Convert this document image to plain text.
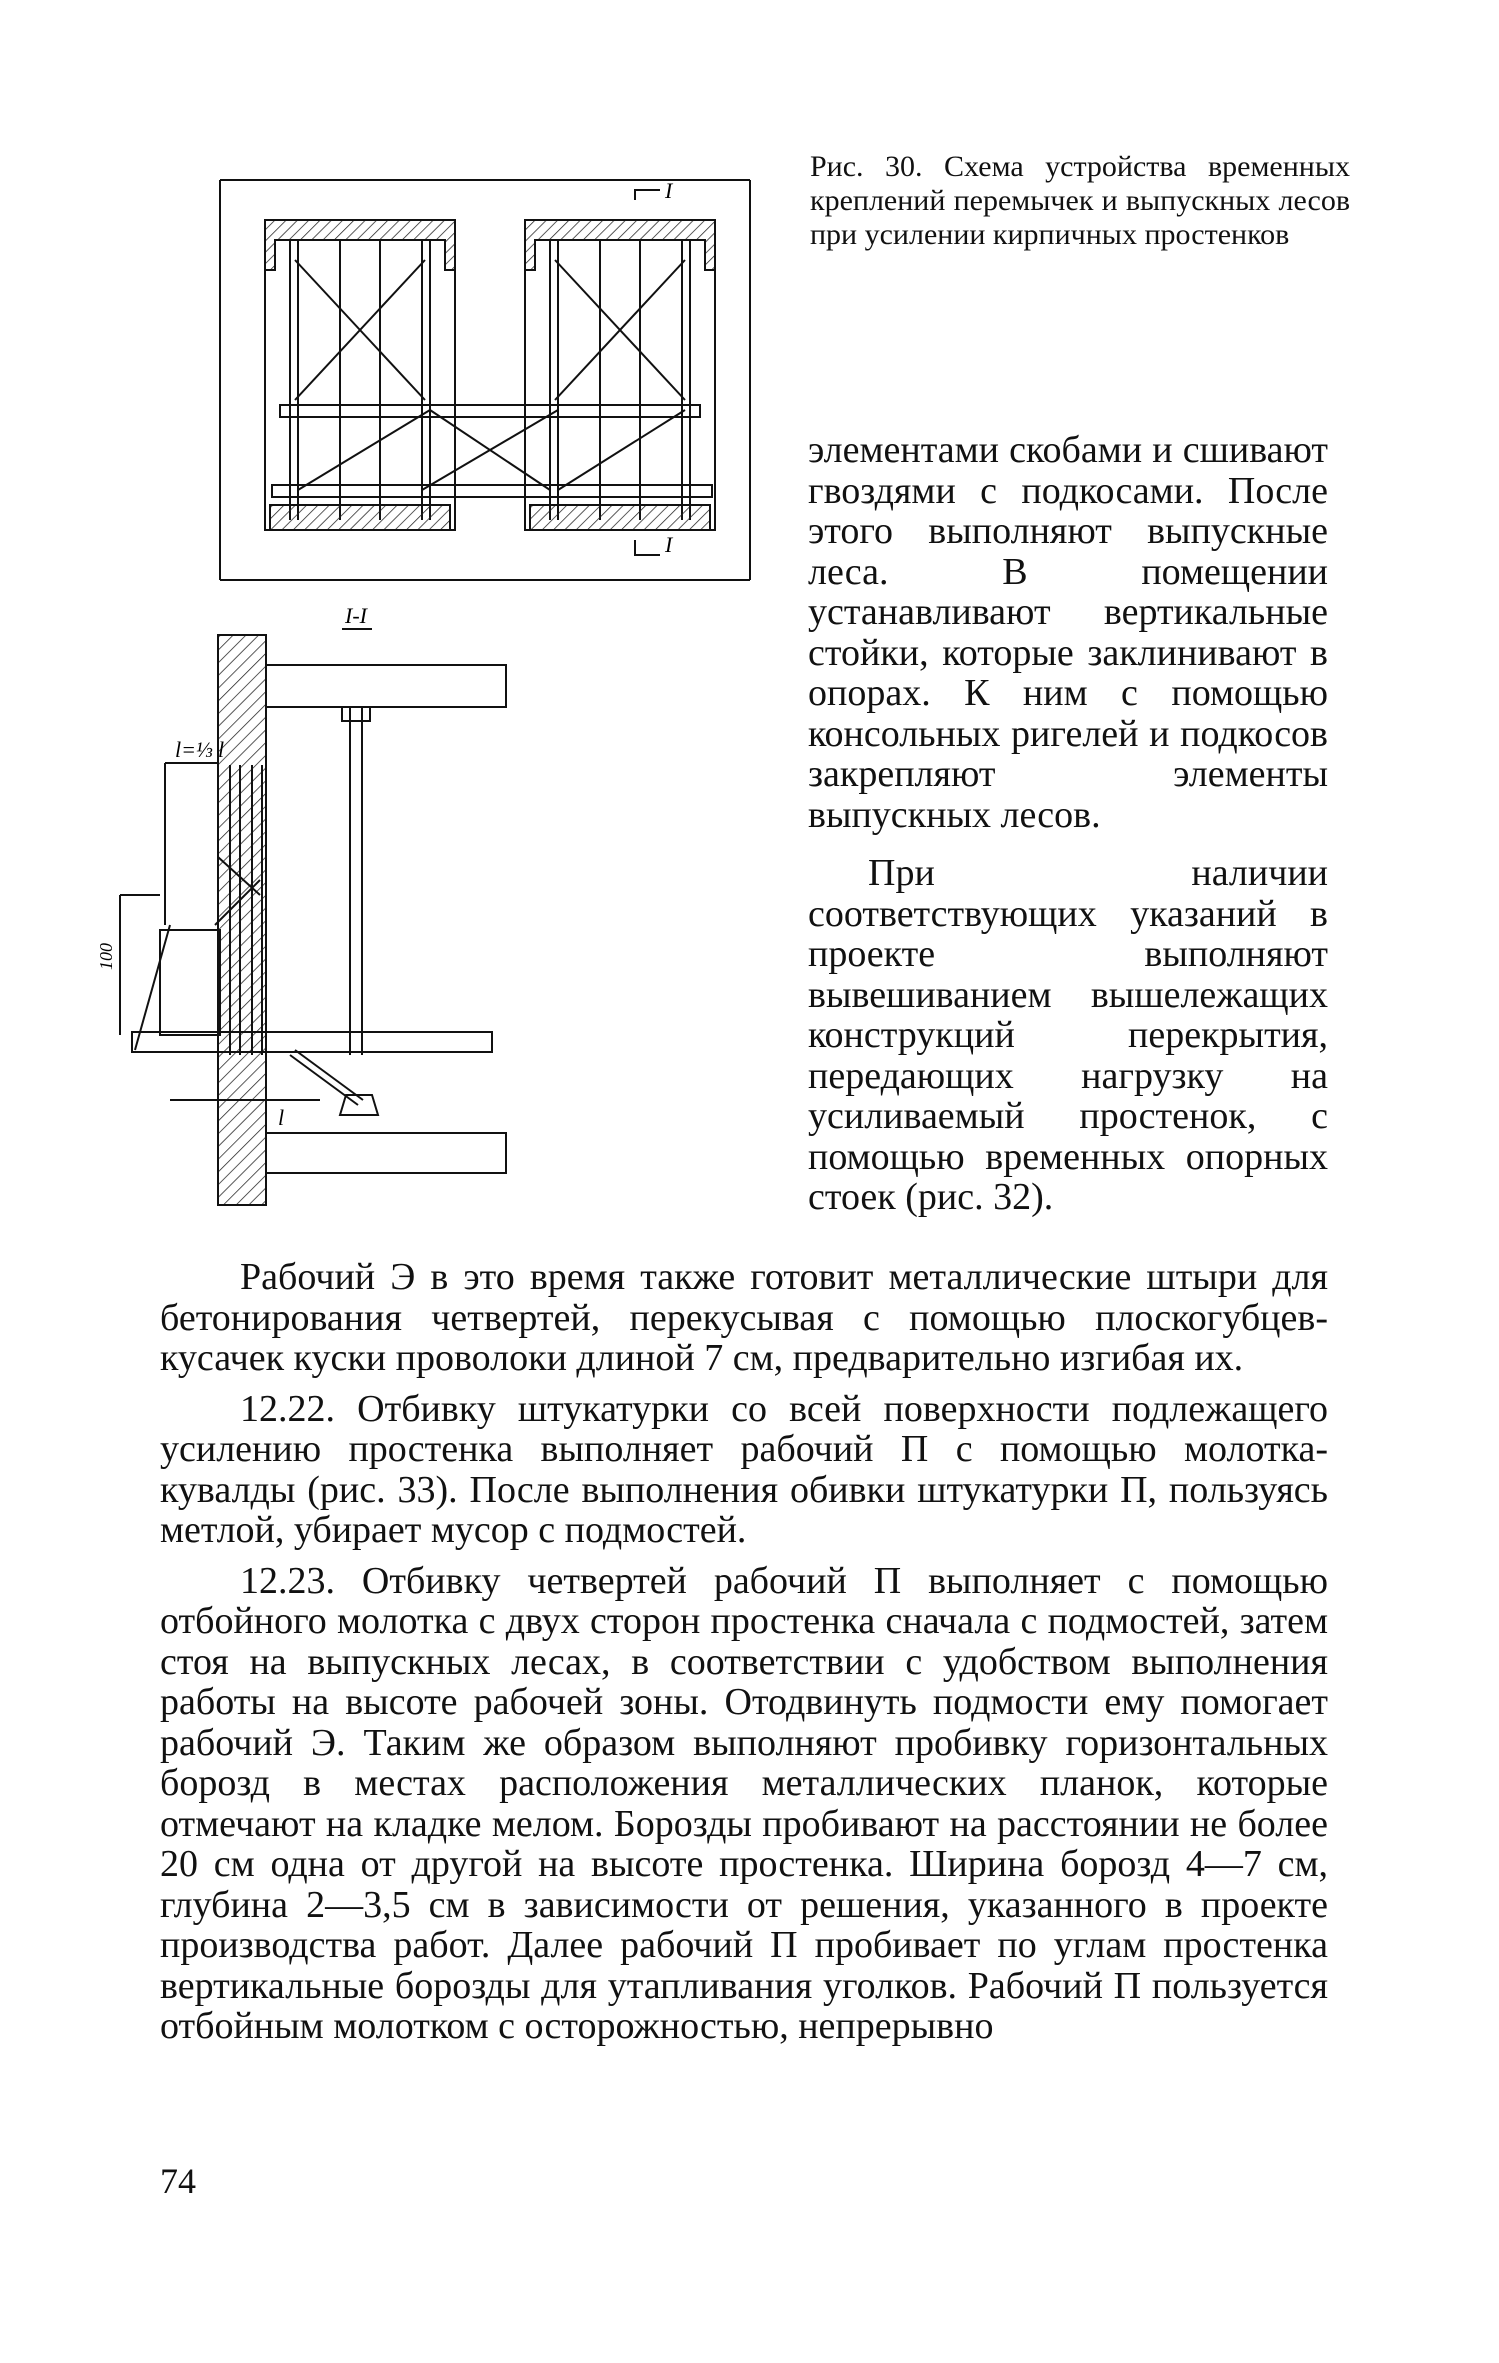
I
I
I-I
l=⅓ l
100
l
Рис. 30. Схема устройства временных креплений перемычек и выпускных лесов при усилении кирпичных простенков

элементами скобами и сшивают гвоздями с подкосами. После этого выполняют выпускные леса. В помещении устанавливают вертикальные стойки, которые заклинивают в опорах. К ним с помощью консольных ригелей и подкосов закрепляют элементы выпускных лесов.

При наличии соответствующих указаний в проекте выполняют вывешиванием вышележащих конструкций перекрытия, передающих нагрузку на усиливаемый простенок, с помощью временных опорных стоек (рис. 32).

Рабочий Э в это время также готовит металлические штыри для бетонирования четвертей, перекусывая с помощью плоскогубцев-кусачек куски проволоки длиной 7 см, предварительно изгибая их.

12.22. Отбивку штукатурки со всей поверхности подлежащего усилению простенка выполняет рабочий П с помощью молотка-кувалды (рис. 33). После выполнения обивки штукатурки П, пользуясь метлой, убирает мусор с подмостей.

12.23. Отбивку четвертей рабочий П выполняет с помощью отбойного молотка с двух сторон простенка сначала с подмостей, затем стоя на выпускных лесах, в соответствии с удобством выполнения работы на высоте рабочей зоны. Отодвинуть подмости ему помогает рабочий Э. Таким же образом выполняют пробивку горизонтальных борозд в местах расположения металлических планок, которые отмечают на кладке мелом. Борозды пробивают на расстоянии не более 20 см одна от другой на высоте простенка. Ширина борозд 4—7 см, глубина 2—3,5 см в зависимости от решения, указанного в проекте производства работ. Далее рабочий П пробивает по углам простенка вертикальные борозды для утапливания уголков. Рабочий П пользуется отбойным молотком с осторожностью, непрерывно

74
